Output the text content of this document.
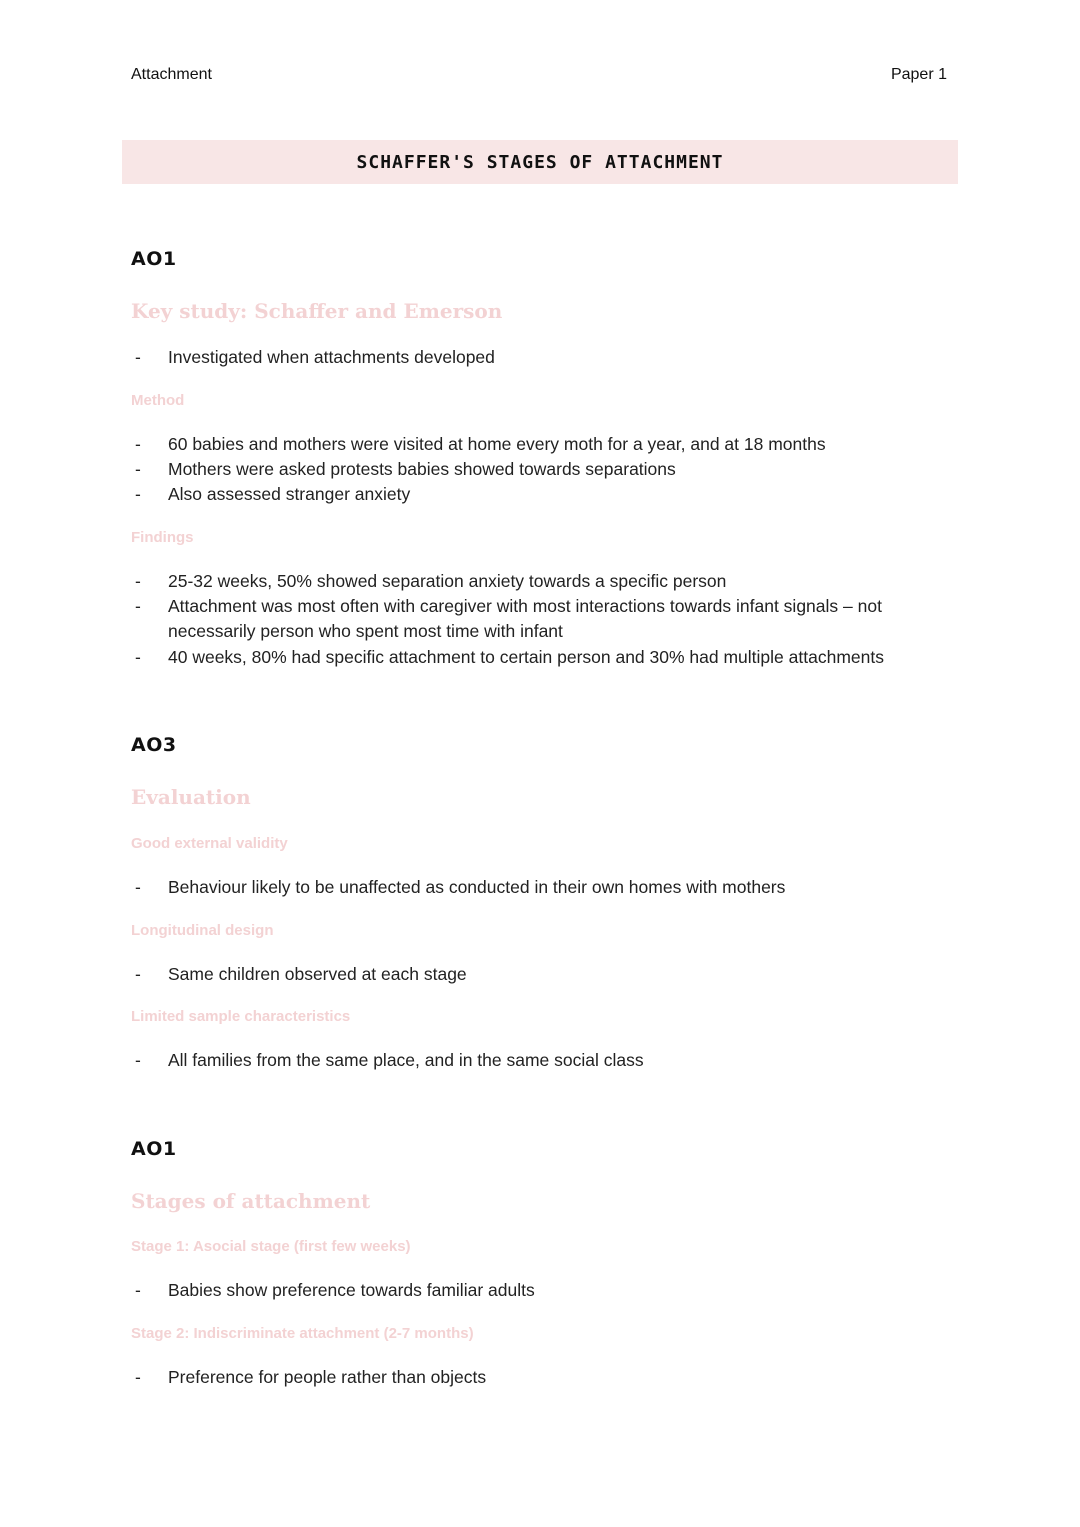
Attachment	Paper 1
SCHAFFER'S STAGES OF ATTACHMENT
AO1
Key study: Schaffer and Emerson
- Investigated when attachments developed
Method
- 60 babies and mothers were visited at home every moth for a year, and at 18 months
- Mothers were asked protests babies showed towards separations
- Also assessed stranger anxiety
Findings
- 25-32 weeks, 50% showed separation anxiety towards a specific person
- Attachment was most often with caregiver with most interactions towards infant signals – not necessarily person who spent most time with infant
- 40 weeks, 80% had specific attachment to certain person and 30% had multiple attachments
AO3
Evaluation
Good external validity
- Behaviour likely to be unaffected as conducted in their own homes with mothers
Longitudinal design
- Same children observed at each stage
Limited sample characteristics
- All families from the same place, and in the same social class
AO1
Stages of attachment
Stage 1: Asocial stage (first few weeks)
- Babies show preference towards familiar adults
Stage 2: Indiscriminate attachment (2-7 months)
- Preference for people rather than objects
